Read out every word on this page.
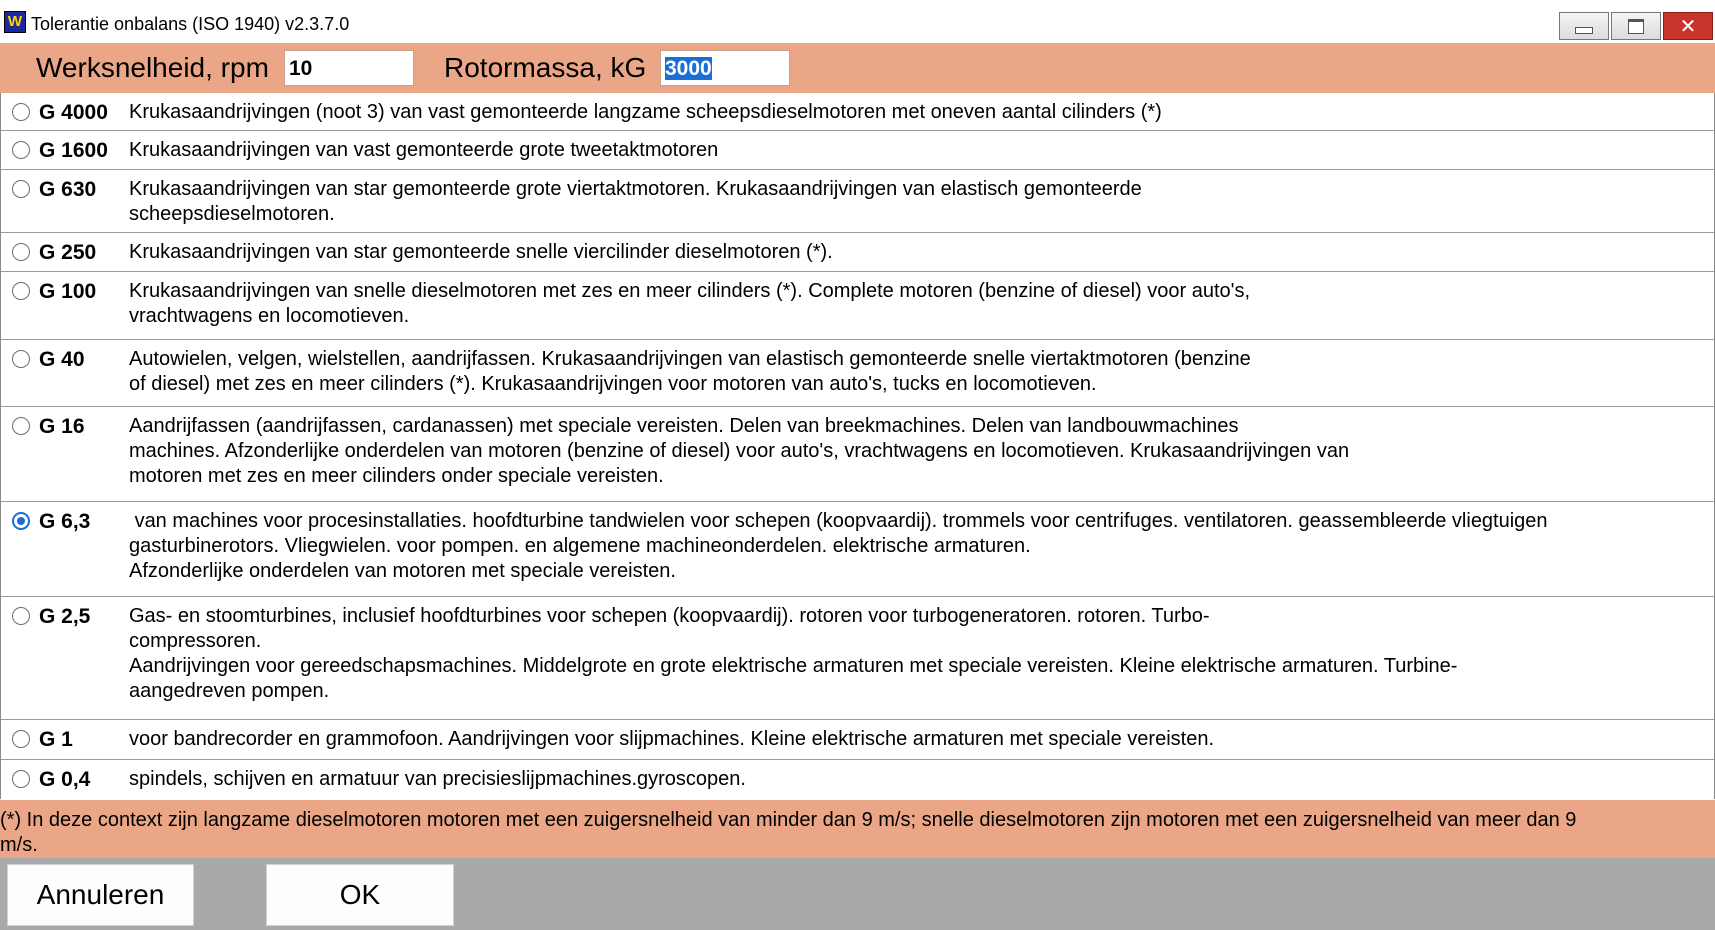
W Tolerantie onbalans (ISO 1940) v2.3.7.0	✕
Werksnelheid, rpm 10	Rotormassa, kG 3000
G 4000 Krukasaandrijvingen (noot 3) van vast gemonteerde langzame scheepsdieselmotoren met oneven aantal cilinders (*)
G 1600 Krukasaandrijvingen van vast gemonteerde grote tweetaktmotoren
G 630 Krukasaandrijvingen van star gemonteerde grote viertaktmotoren. Krukasaandrijvingen van elastisch gemonteerde
scheepsdieselmotoren.
G 250 Krukasaandrijvingen van star gemonteerde snelle viercilinder dieselmotoren (*).
G 100 Krukasaandrijvingen van snelle dieselmotoren met zes en meer cilinders (*). Complete motoren (benzine of diesel) voor auto's,
vrachtwagens en locomotieven.
G 40 Autowielen, velgen, wielstellen, aandrijfassen. Krukasaandrijvingen van elastisch gemonteerde snelle viertaktmotoren (benzine
of diesel) met zes en meer cilinders (*). Krukasaandrijvingen voor motoren van auto's, tucks en locomotieven.
G 16 Aandrijfassen (aandrijfassen, cardanassen) met speciale vereisten. Delen van breekmachines. Delen van landbouwmachines
machines. Afzonderlijke onderdelen van motoren (benzine of diesel) voor auto's, vrachtwagens en locomotieven. Krukasaandrijvingen van
motoren met zes en meer cilinders onder speciale vereisten.
G 6,3 van machines voor procesinstallaties. hoofdturbine tandwielen voor schepen (koopvaardij). trommels voor centrifuges. ventilatoren. geassembleerde vliegtuigen
gasturbinerotors. Vliegwielen. voor pompen. en algemene machineonderdelen. elektrische armaturen.
Afzonderlijke onderdelen van motoren met speciale vereisten.
G 2,5 Gas- en stoomturbines, inclusief hoofdturbines voor schepen (koopvaardij). rotoren voor turbogeneratoren. rotoren. Turbo-
compressoren.
Aandrijvingen voor gereedschapsmachines. Middelgrote en grote elektrische armaturen met speciale vereisten. Kleine elektrische armaturen. Turbine-
aangedreven pompen.
G 1	voor bandrecorder en grammofoon. Aandrijvingen voor slijpmachines. Kleine elektrische armaturen met speciale vereisten.
G 0,4 spindels, schijven en armatuur van precisieslijpmachines.gyroscopen.
(*) In deze context zijn langzame dieselmotoren motoren met een zuigersnelheid van minder dan 9 m/s; snelle dieselmotoren zijn motoren met een zuigersnelheid van meer dan 9
m/s.
Annuleren	OK
